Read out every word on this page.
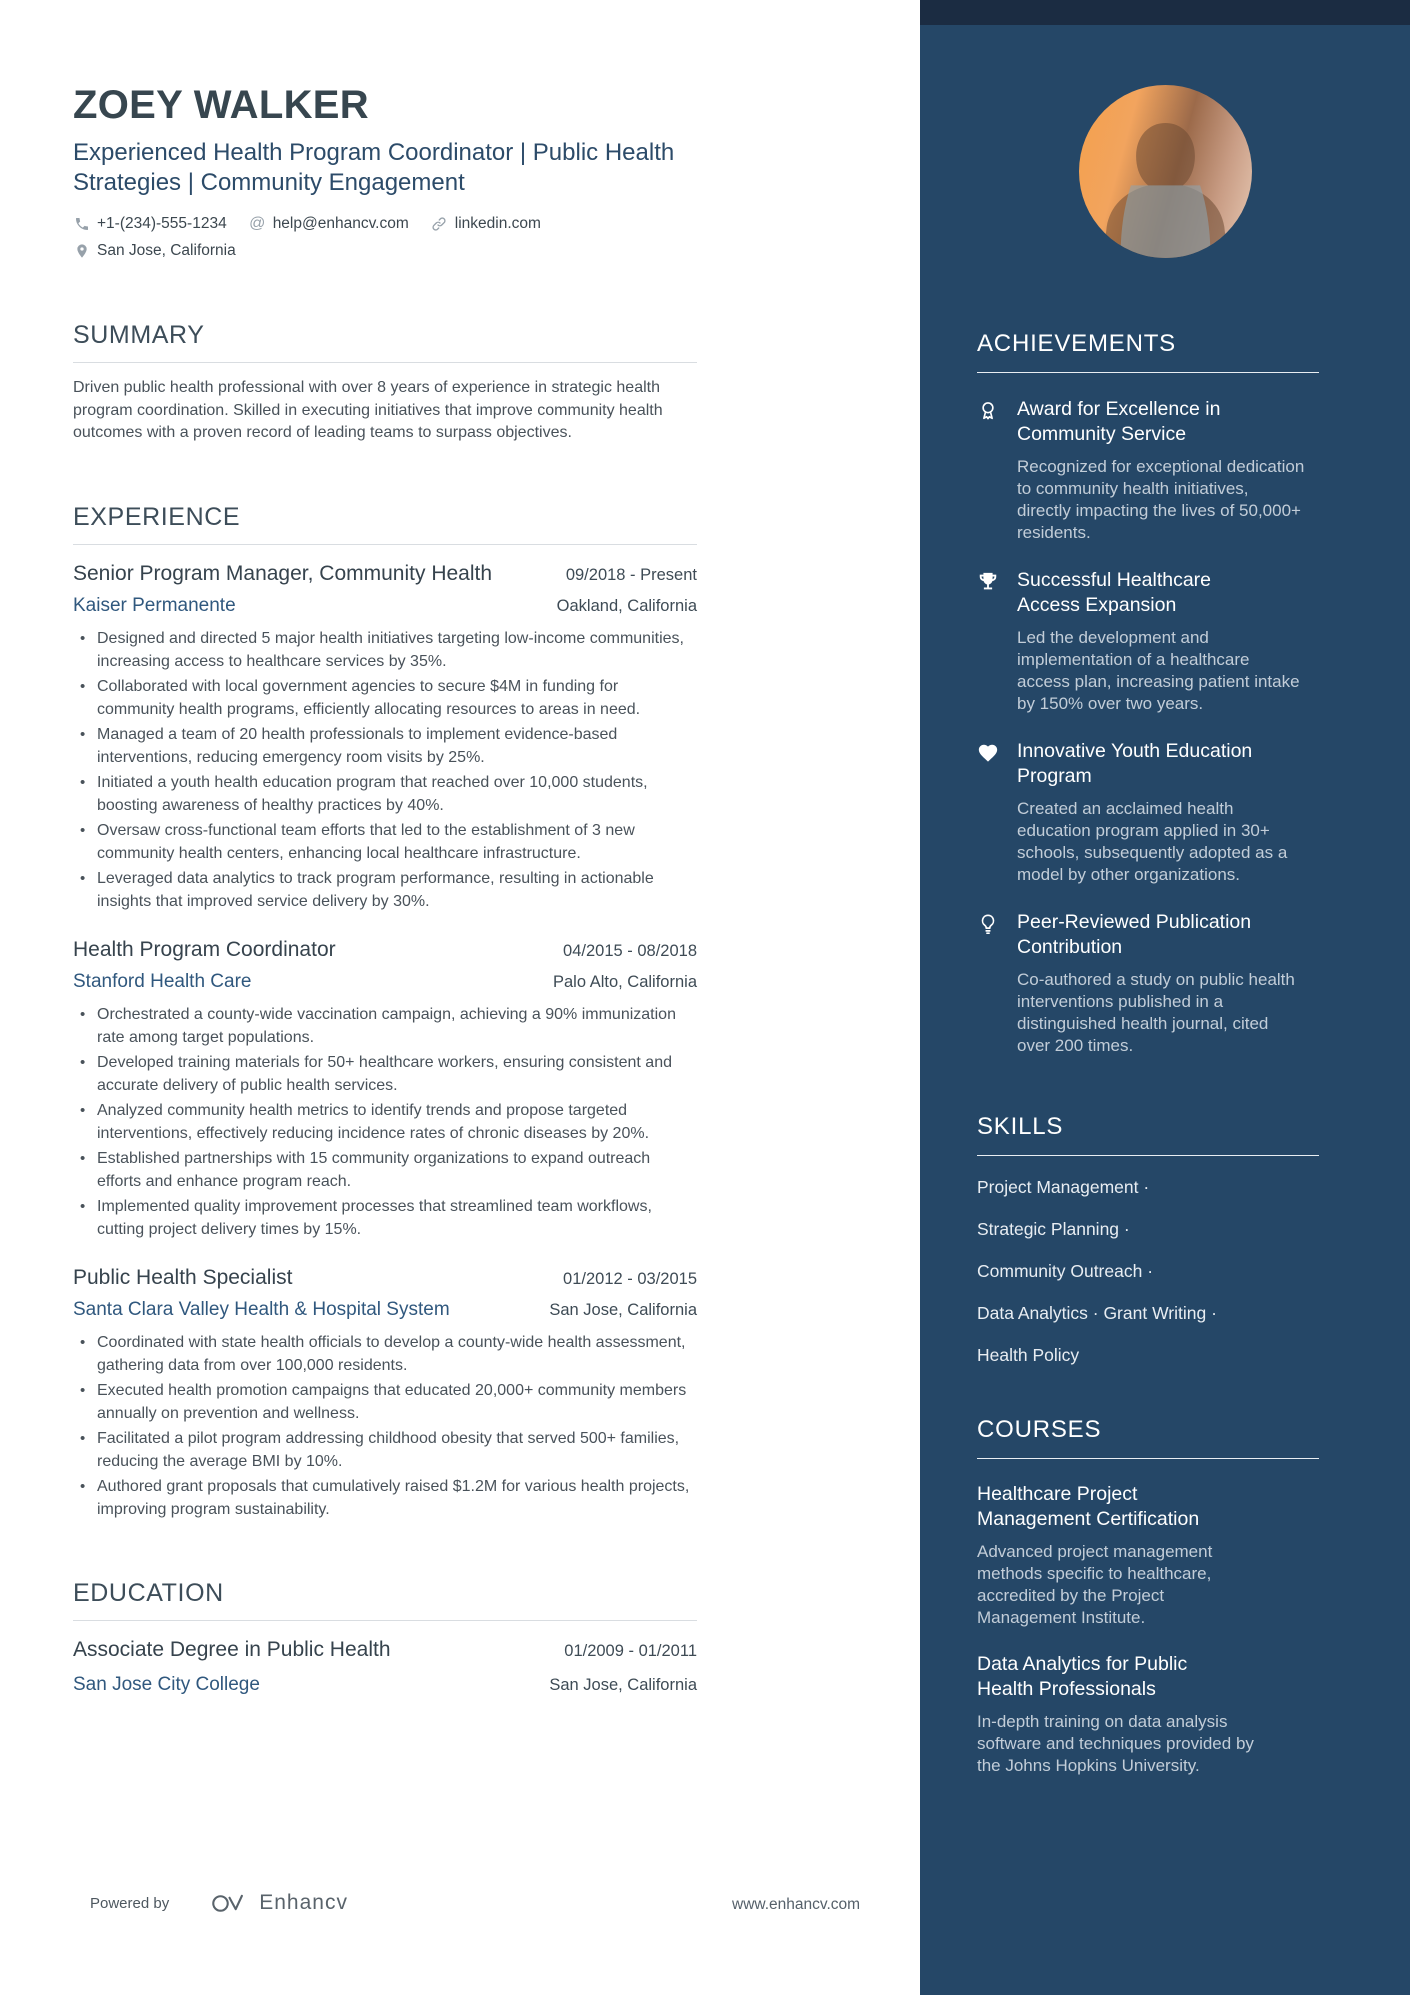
ZOEY WALKER
Experienced Health Program Coordinator | Public Health Strategies | Community Engagement
+1-(234)-555-1234 @ help@enhancv.com	linkedin.com
San Jose, California
SUMMARY

Driven public health professional with over 8 years of experience in strategic health program coordination. Skilled in executing initiatives that improve community health outcomes with a proven record of leading teams to surpass objectives.

EXPERIENCE
Senior Program Manager, Community Health	09/2018 - Present
Kaiser Permanente	Oakland, California
• Designed and directed 5 major health initiatives targeting low-income communities, increasing access to healthcare services by 35%.
• Collaborated with local government agencies to secure $4M in funding for community health programs, efficiently allocating resources to areas in need.
• Managed a team of 20 health professionals to implement evidence-based interventions, reducing emergency room visits by 25%.
• Initiated a youth health education program that reached over 10,000 students, boosting awareness of healthy practices by 40%.
• Oversaw cross-functional team efforts that led to the establishment of 3 new community health centers, enhancing local healthcare infrastructure.
• Leveraged data analytics to track program performance, resulting in actionable insights that improved service delivery by 30%.
Health Program Coordinator	04/2015 - 08/2018
Stanford Health Care	Palo Alto, California
• Orchestrated a county-wide vaccination campaign, achieving a 90% immunization rate among target populations.
• Developed training materials for 50+ healthcare workers, ensuring consistent and accurate delivery of public health services.
• Analyzed community health metrics to identify trends and propose targeted interventions, effectively reducing incidence rates of chronic diseases by 20%.
• Established partnerships with 15 community organizations to expand outreach efforts and enhance program reach.
• Implemented quality improvement processes that streamlined team workflows, cutting project delivery times by 15%.
Public Health Specialist	01/2012 - 03/2015
Santa Clara Valley Health & Hospital System	San Jose, California
• Coordinated with state health officials to develop a county-wide health assessment, gathering data from over 100,000 residents.
• Executed health promotion campaigns that educated 20,000+ community members annually on prevention and wellness.
• Facilitated a pilot program addressing childhood obesity that served 500+ families, reducing the average BMI by 10%.
• Authored grant proposals that cumulatively raised $1.2M for various health projects, improving program sustainability.
EDUCATION
Associate Degree in Public Health	01/2009 - 01/2011
San Jose City College	San Jose, California
Powered by	Enhancv	www.enhancv.com
ACHIEVEMENTS
Award for Excellence in Community Service
Recognized for exceptional dedication to community health initiatives, directly impacting the lives of 50,000+ residents.
Successful Healthcare Access Expansion
Led the development and implementation of a healthcare access plan, increasing patient intake by 150% over two years.
Innovative Youth Education Program
Created an acclaimed health education program applied in 30+ schools, subsequently adopted as a model by other organizations.
Peer-Reviewed Publication Contribution
Co-authored a study on public health interventions published in a distinguished health journal, cited over 200 times.
SKILLS
Project Management ·
Strategic Planning ·
Community Outreach ·
Data Analytics · Grant Writing ·
Health Policy
COURSES
Healthcare Project Management Certification
Advanced project management methods specific to healthcare, accredited by the Project Management Institute.
Data Analytics for Public Health Professionals
In-depth training on data analysis software and techniques provided by the Johns Hopkins University.
